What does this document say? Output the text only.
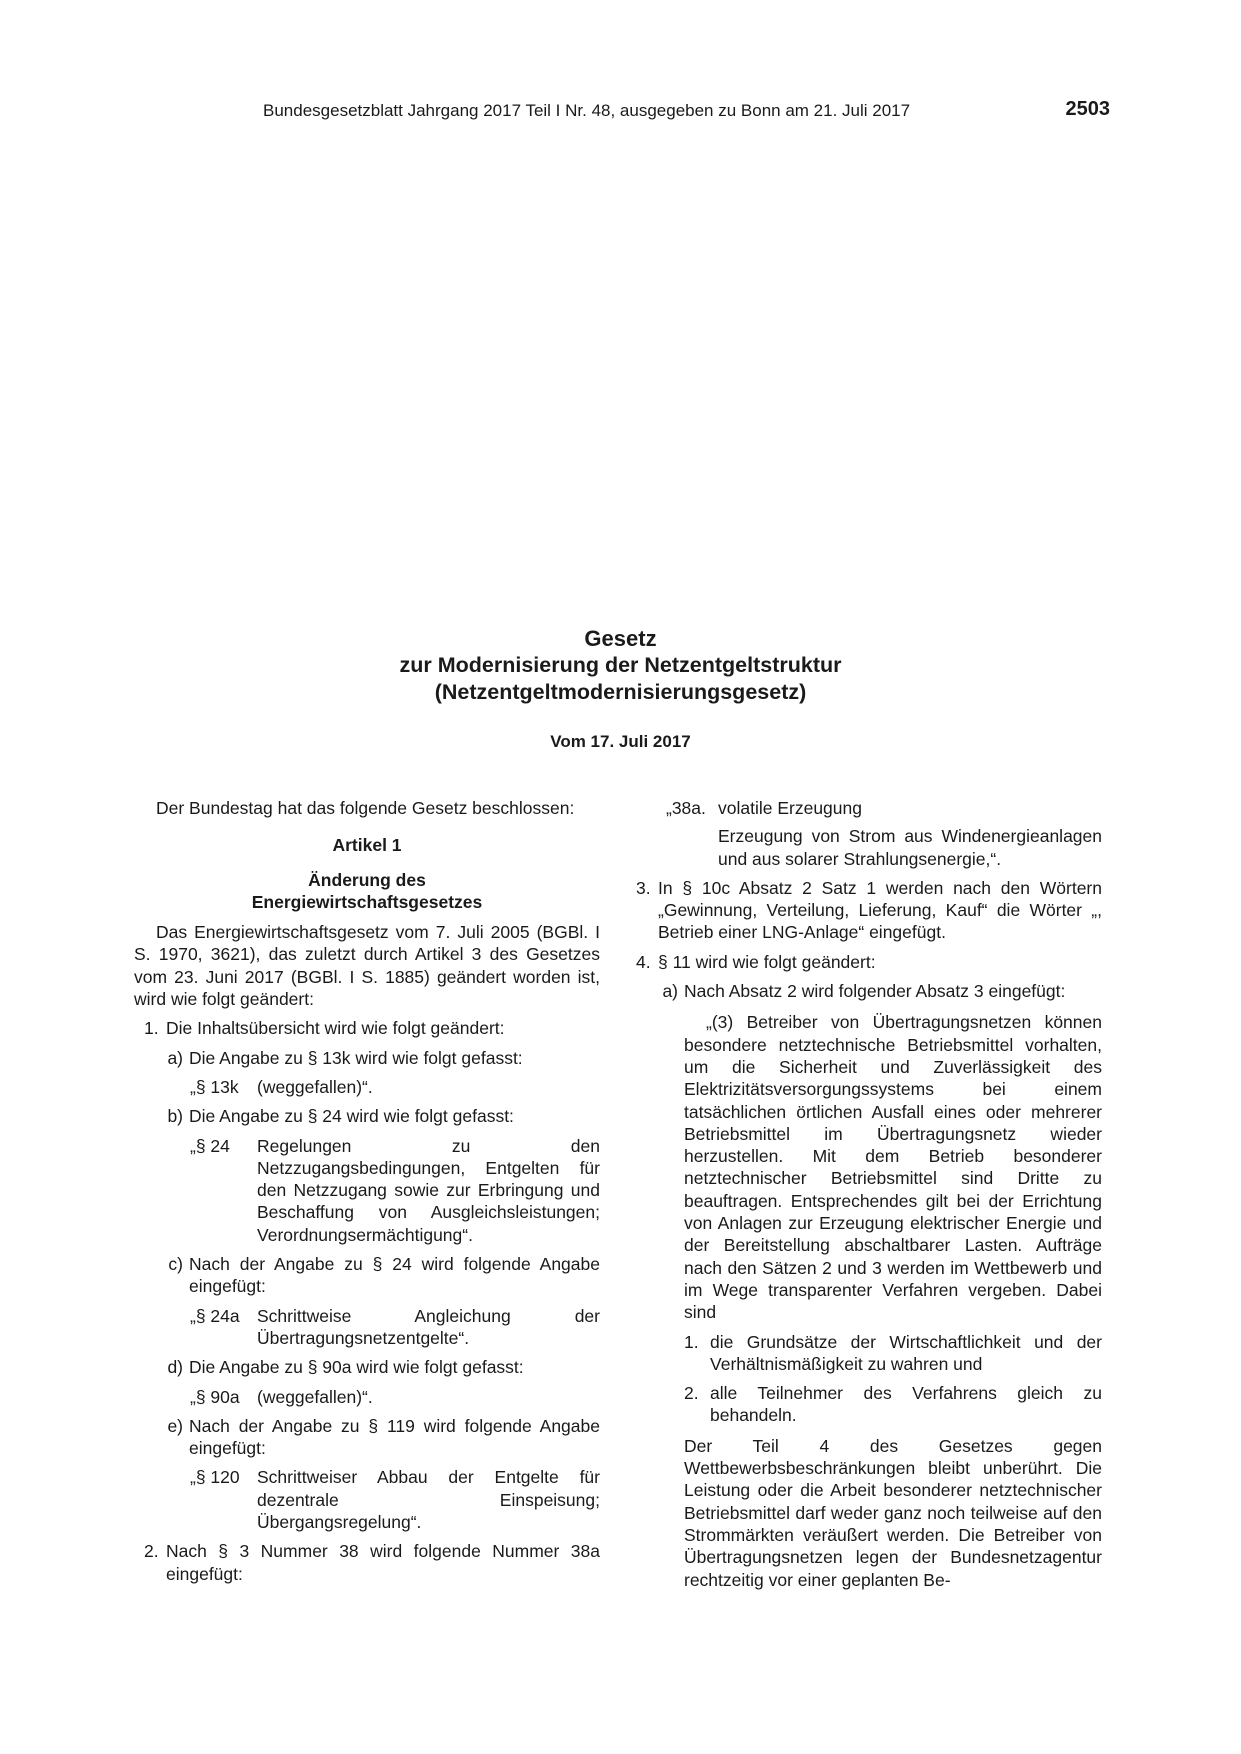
Bundesgesetzblatt Jahrgang 2017 Teil I Nr. 48, ausgegeben zu Bonn am 21. Juli 2017	2503
Gesetz
zur Modernisierung der Netzentgeltstruktur
(Netzentgeltmodernisierungsgesetz)
Vom 17. Juli 2017

Der Bundestag hat das folgende Gesetz beschlossen:

Artikel 1

Änderung des

Energiewirtschaftsgesetzes

Das Energiewirtschaftsgesetz vom 7. Juli 2005 (BGBl. I S. 1970, 3621), das zuletzt durch Artikel 3 des Gesetzes vom 23. Juni 2017 (BGBl. I S. 1885) geändert worden ist, wird wie folgt geändert:

1. Die Inhaltsübersicht wird wie folgt geändert:
a) Die Angabe zu § 13k wird wie folgt gefasst:
„§ 13k	(weggefallen)“.
b) Die Angabe zu § 24 wird wie folgt gefasst:
„§ 24	Regelungen zu den Netzzugangsbedingungen, Entgelten für den Netzzugang sowie zur Erbringung und Beschaffung von Ausgleichsleistungen; Verordnungsermächtigung“.
c) Nach der Angabe zu § 24 wird folgende Angabe eingefügt:
„§ 24a Schrittweise Angleichung der Übertragungsnetzentgelte“.
d) Die Angabe zu § 90a wird wie folgt gefasst:
„§ 90a (weggefallen)“.
e) Nach der Angabe zu § 119 wird folgende Angabe eingefügt:
„§ 120 Schrittweiser Abbau der Entgelte für dezentrale Einspeisung; Übergangsregelung“.
2. Nach § 3 Nummer 38 wird folgende Nummer 38a eingefügt:
„38a. volatile Erzeugung

Erzeugung von Strom aus Windenergieanlagen und aus solarer Strahlungsenergie,“.

3. In § 10c Absatz 2 Satz 1 werden nach den Wörtern „Gewinnung, Verteilung, Lieferung, Kauf“ die Wörter „, Betrieb einer LNG-Anlage“ eingefügt.
4. § 11 wird wie folgt geändert:
a) Nach Absatz 2 wird folgender Absatz 3 eingefügt:

„(3) Betreiber von Übertragungsnetzen können besondere netztechnische Betriebsmittel vorhalten, um die Sicherheit und Zuverlässigkeit des Elektrizitätsversorgungssystems bei einem tatsächlichen örtlichen Ausfall eines oder mehrerer Betriebsmittel im Übertragungsnetz wieder herzustellen. Mit dem Betrieb besonderer netztechnischer Betriebsmittel sind Dritte zu beauftragen. Entsprechendes gilt bei der Errichtung von Anlagen zur Erzeugung elektrischer Energie und der Bereitstellung abschaltbarer Lasten. Aufträge nach den Sätzen 2 und 3 werden im Wettbewerb und im Wege transparenter Verfahren vergeben. Dabei sind

1. die Grundsätze der Wirtschaftlichkeit und der Verhältnismäßigkeit zu wahren und
2. alle Teilnehmer des Verfahrens gleich zu behandeln.

Der Teil 4 des Gesetzes gegen Wettbewerbsbeschränkungen bleibt unberührt. Die Leistung oder die Arbeit besonderer netztechnischer Betriebsmittel darf weder ganz noch teilweise auf den Strommärkten veräußert werden. Die Betreiber von Übertragungsnetzen legen der Bundesnetzagentur rechtzeitig vor einer geplanten Be-
